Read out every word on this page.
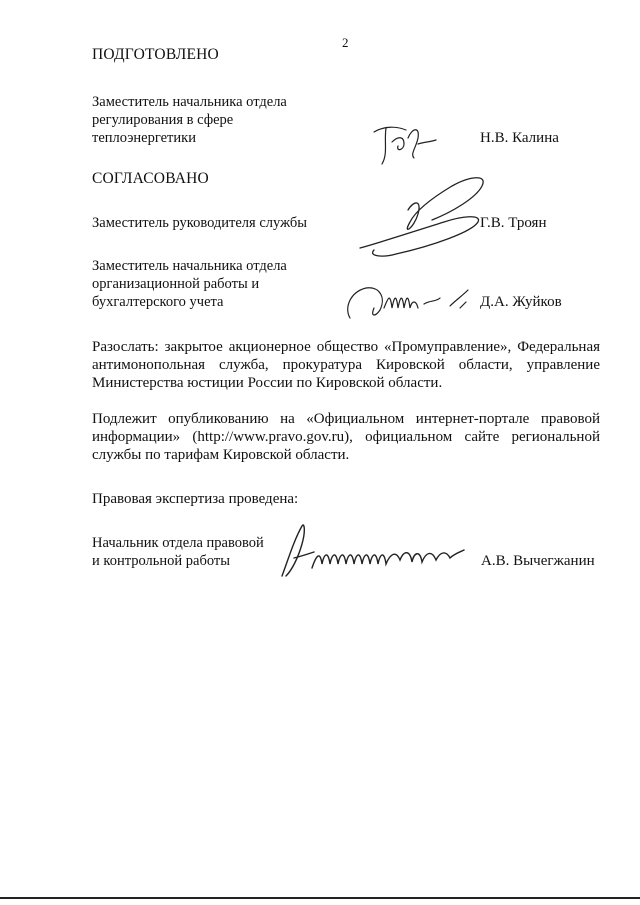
2
ПОДГОТОВЛЕНО
Заместитель начальника отдела
регулирования в сфере
теплоэнергетики	Н.В. Калина
СОГЛАСОВАНО
Заместитель руководителя службы	Г.В. Троян
Заместитель начальника отдела
организационной работы и
бухгалтерского учета	Д.А. Жуйков
Разослать: закрытое акционерное общество «Промуправление», Федеральная антимонопольная служба, прокуратура Кировской области, управление Министерства юстиции России по Кировской области.
Подлежит опубликованию на «Официальном интернет-портале правовой информации» (http://www.pravo.gov.ru), официальном сайте региональной службы по тарифам Кировской области.
Правовая экспертиза проведена:
Начальник отдела правовой
и контрольной работы	А.В. Вычегжанин
